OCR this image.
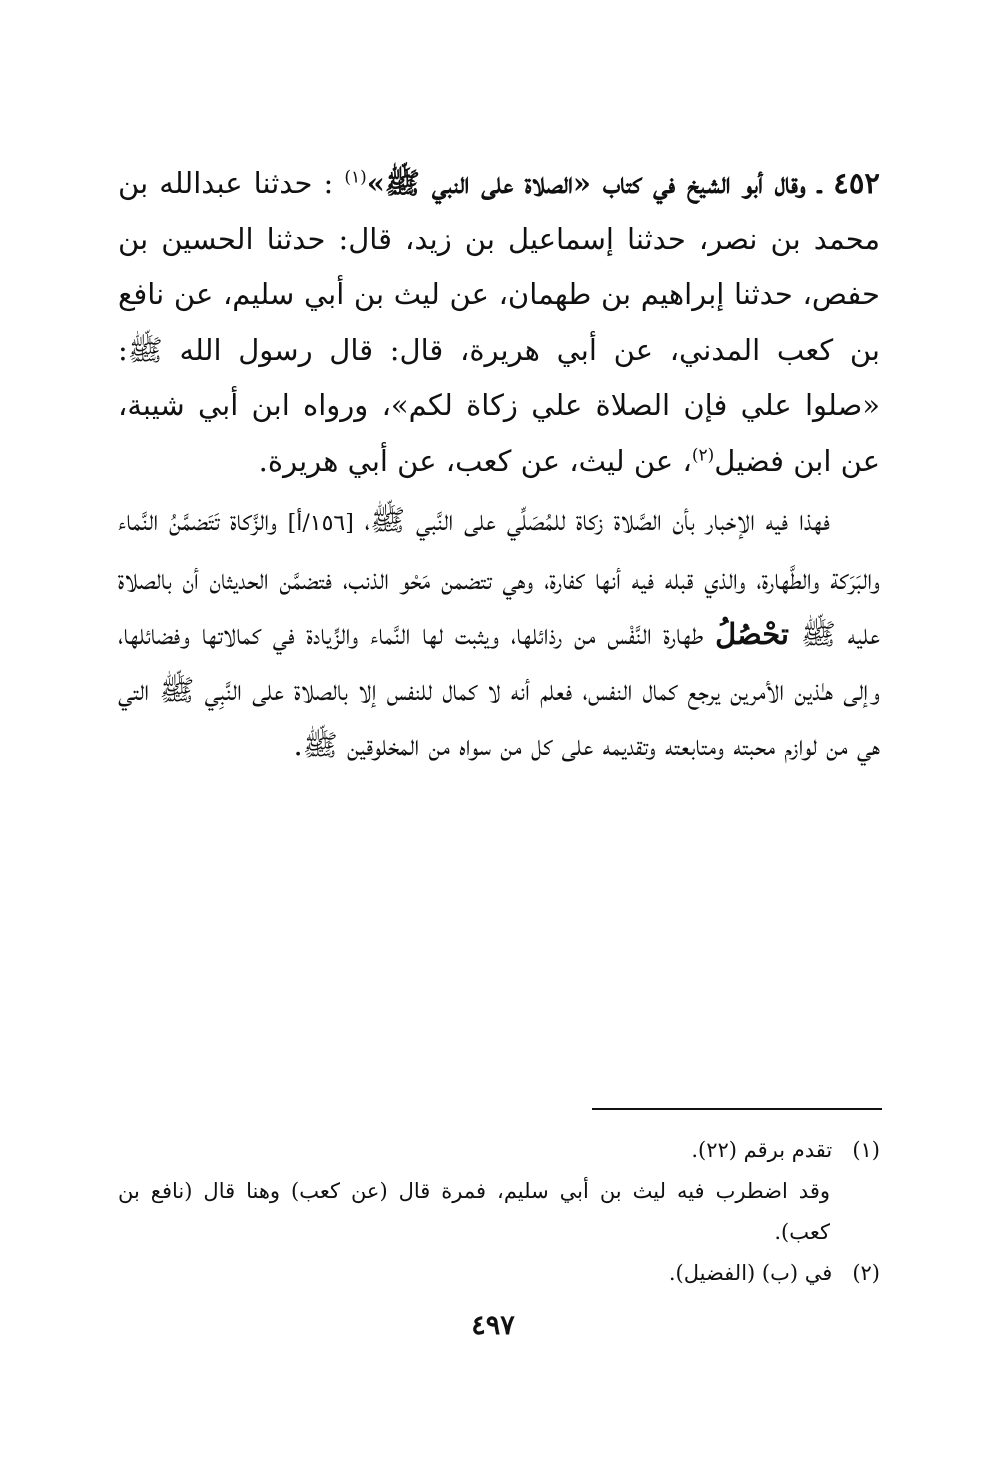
٤٥٢ ـ وقال أبو الشيخ في كتاب «الصلاة على النبي ﷺ»$^{(١)}$ : حدثنا عبدالله بن محمد بن نصر، حدثنا إسماعيل بن زيد، قال: حدثنا الحسين بن حفص، حدثنا إبراهيم بن طهمان، عن ليث بن أبي سليم، عن نافع بن كعب المدني، عن أبي هريرة، قال: قال رسول الله ﷺ: «صلوا علي فإن الصلاة علي زكاة لكم»، ورواه ابن أبي شيبة، عن ابن فضيل$^{(٢)}$، عن ليث، عن كعب، عن أبي هريرة.

فهذا فيه الإخبار بأن الصَّلاة زكاة للمُصَلِّي على النَّبي ﷺ، [١٥٦/أ] والزَّكاة تَتَضمَّنُ النَّماء والبَرَكة والطَّهارة، والذي قبله فيه أنها كفارة، وهي تتضمن مَحْو الذنب، فتضمَّن الحديثان أن بالصلاة عليه ﷺ تحْصُلُ طهارة النَّفْس من رذائلها، ويثبت لها النَّماء والزِّيادة في كمالاتها وفضائلها، وإلى هـٰذين الأمرين يرجع كمال النفس، فعلم أنه لا كمال للنفس إلا بالصلاة على النَّبِي ﷺ التي هي من لوازم محبته ومتابعته وتقديمه على كل من سواه من المخلوقين ﷺ.

(١)   تقدم برقم (٢٢).

وقد اضطرب فيه ليث بن أبي سليم، فمرة قال (عن كعب) وهنا قال (نافع بن كعب).

(٢)   في (ب) (الفضيل).

٤٩٧
